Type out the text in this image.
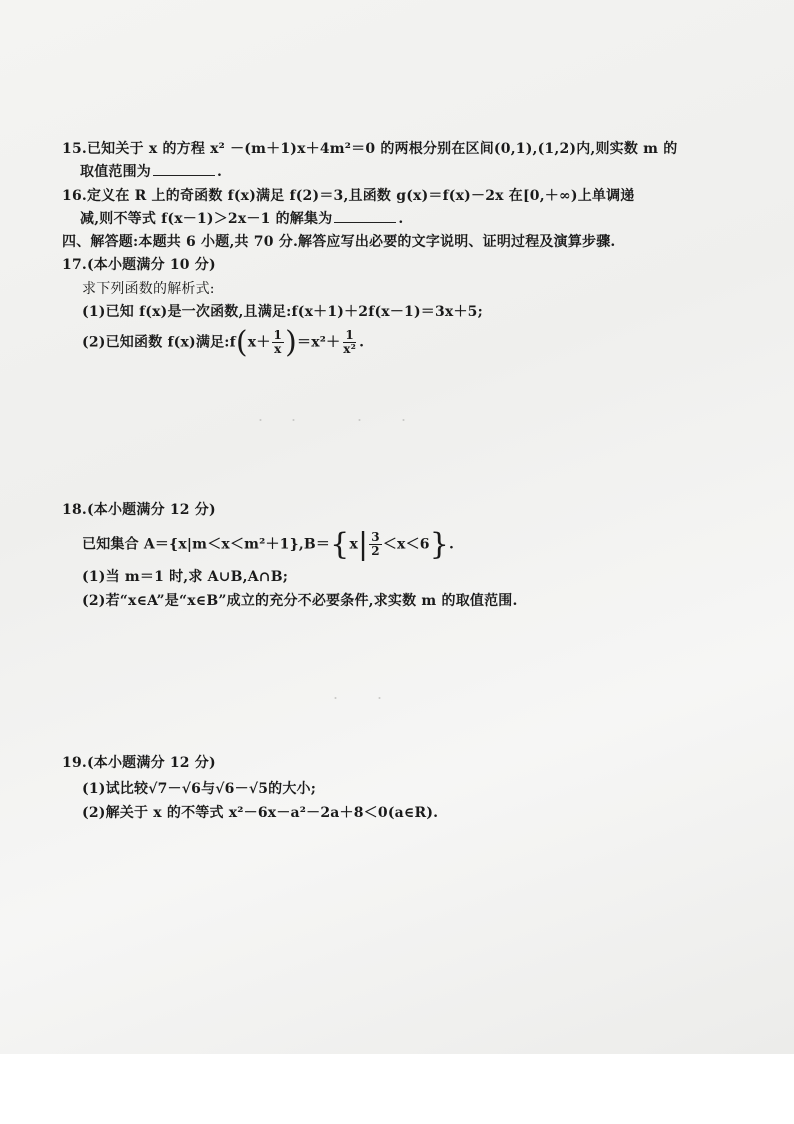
・　　・　　　　　・　　　・
・　　　・
15.已知关于 x 的方程 x² －(m＋1)x＋4m²＝0 的两根分别在区间(0,1),(1,2)内,则实数 m 的
取值范围为	.
16.定义在 R 上的奇函数 f(x)满足 f(2)＝3,且函数 g(x)＝f(x)－2x 在[0,＋∞)上单调递
减,则不等式 f(x－1)＞2x－1 的解集为	.
四、解答题:本题共 6 小题,共 70 分.解答应写出必要的文字说明、证明过程及演算步骤.
17.(本小题满分 10 分)
求下列函数的解析式:
(1)已知 f(x)是一次函数,且满足:f(x＋1)＋2f(x－1)＝3x＋5;
(2)已知函数 f(x)满足:f(x＋ $\frac{1}{x} )=x^2+ \frac{1}{\text{x²}}$ .
18.(本小题满分 12 分)
已知集合 $A=\{x|m<x<m^2+1\},B=\{x| \frac{3}{2} <x<6\}$.
(1)当 m＝1 时,求 A∪B,A∩B;
(2)若“x∈A”是“x∈B”成立的充分不必要条件,求实数 m 的取值范围.
19.(本小题满分 12 分)
(1)试比较√7－√6与√6－√5的大小;
(2)解关于 x 的不等式 x²－6x－a²－2a＋8＜0(a∈R).
